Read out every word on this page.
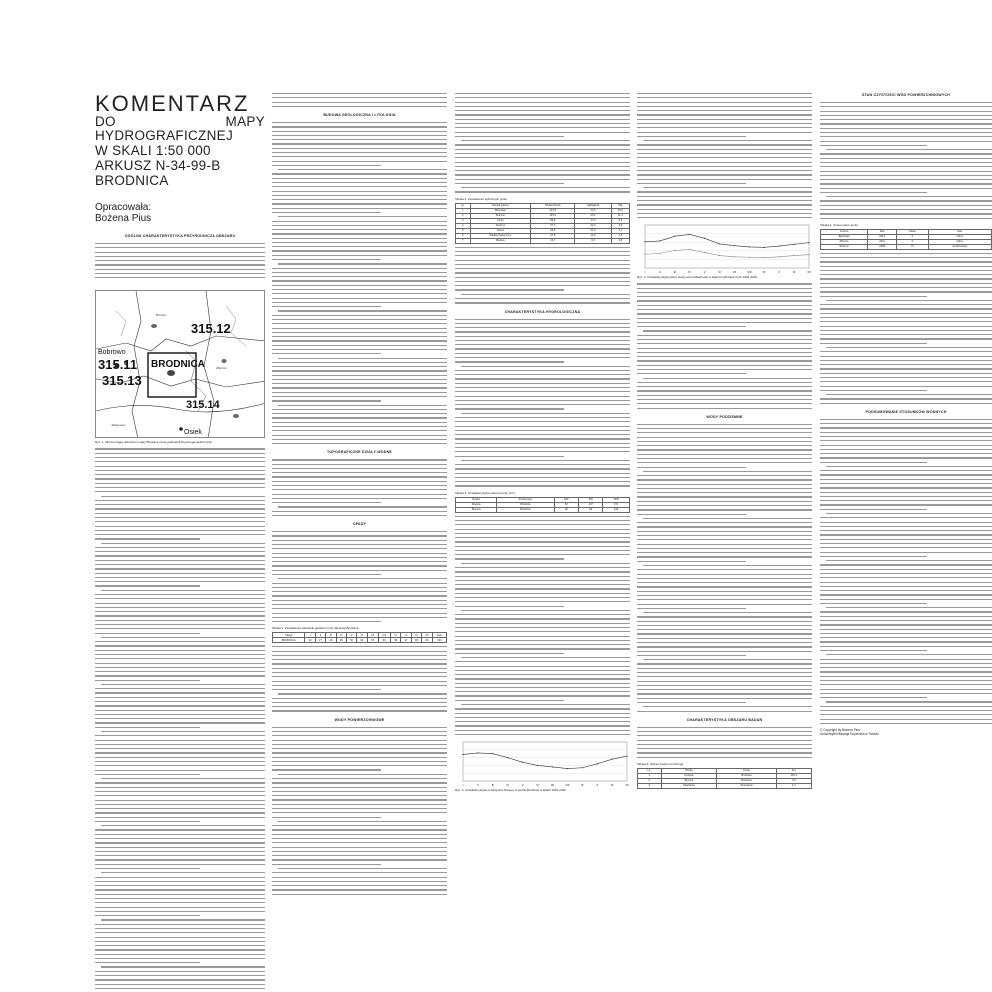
KOMENTARZ
DO MAPY HYDROGRAFICZNEJ
W SKALI 1:50 000
ARKUSZ N-34-99-B
BRODNICA
Opracowała:
Bożena Pius
OGÓLNA CHARAKTERYSTYKA PRZYRODNICZA OBSZARU
315.12
315.11
315.13
315.14
BRODNICA
Bobrowo
Osiek
Zbiczno
Brzozie
Jabłonowo
Ryc. 1. Obszar objęty arkuszem mapy Brodnica na tle jednostek fizycznogeograficznych
BUDOWA GEOLOGICZNA I LITOLOGIA
TOPOGRAFICZNE DZIAŁY WODNE
OPADY
Tabela 1. Zestawienie wskaźnik opadów (mm) dla stacji Brodnica
Stacja	I	II	III	IV	V	VI	VII	VIII	IX	X	XI	XII	Rok
BRODNICA	32	27	29	35	52	63	78	66	48	37	38	36	541
WODY POWIERZCHNIOWE
Tabela 2. Zestawienie wybranych jezior
Lp.	Nazwa jeziora	Powierzchnia	Głębokość	Obj.
1	Bachotek	213,5	22,5	34,6
2	Zbiczno	115,3	20,1	11,2
3	Ciche	85,5	17,2	5,8
4	Strażym	57,3	22,3	4,9
5	Sosno	92,6	21,0	7,1
6	Wielkie Partęczyny	37,8	14,9	2,3
7	Mieliwo	13,7	9,6	0,8
CHARAKTERYSTYKA HYDROLOGICZNA
Tabela 3. Charakterystyka stanów wody (cm)
Rzeka	Posterunek	NW	SW	WW
Drwęca	Brodnica	52	137	271
Brynica	Brodnica	18	63	152
I	II	III	IV	V	VI	VII	VIII	IX	X	XI	XII
Ryc. 3. Charakterystyka przepływów Drwęcy w profilu Brodnica w latach 1961-2010
I	II	III	IV	V	VI	VII	VIII	IX	X	XI	XII
Ryc. 2. Charakterystyka stanu wody jeziora Bachotek w latach hydrologicznych 1961-2010
WODY PODZIEMNE
CHARAKTERYSTYKA OBSZARU BADAŃ
Tabela 5. Wykaz stacji monitoringu
Lp.	Rzeka	Punkt	Km
1	Drwęca	Brodnica	162,4
2	Brynica	Brodnica	0,8
3	Skarlanka	Tereszewo	1,2
STAN CZYSTOŚCI WÓD POWIERZCHNIOWYCH
Tabela 4. Ocena stanu jezior
Jezioro	Rok	Klasa	Stan
Bachotek	2013	II	dobry
Zbiczno	2011	II	dobry
Strażym	2009	III	umiarkowany
PODSUMOWANIE STOSUNKÓW WODNYCH
© Copyright by Bożena Pius
Uniwersytet Mikołaja Kopernika w Toruniu
